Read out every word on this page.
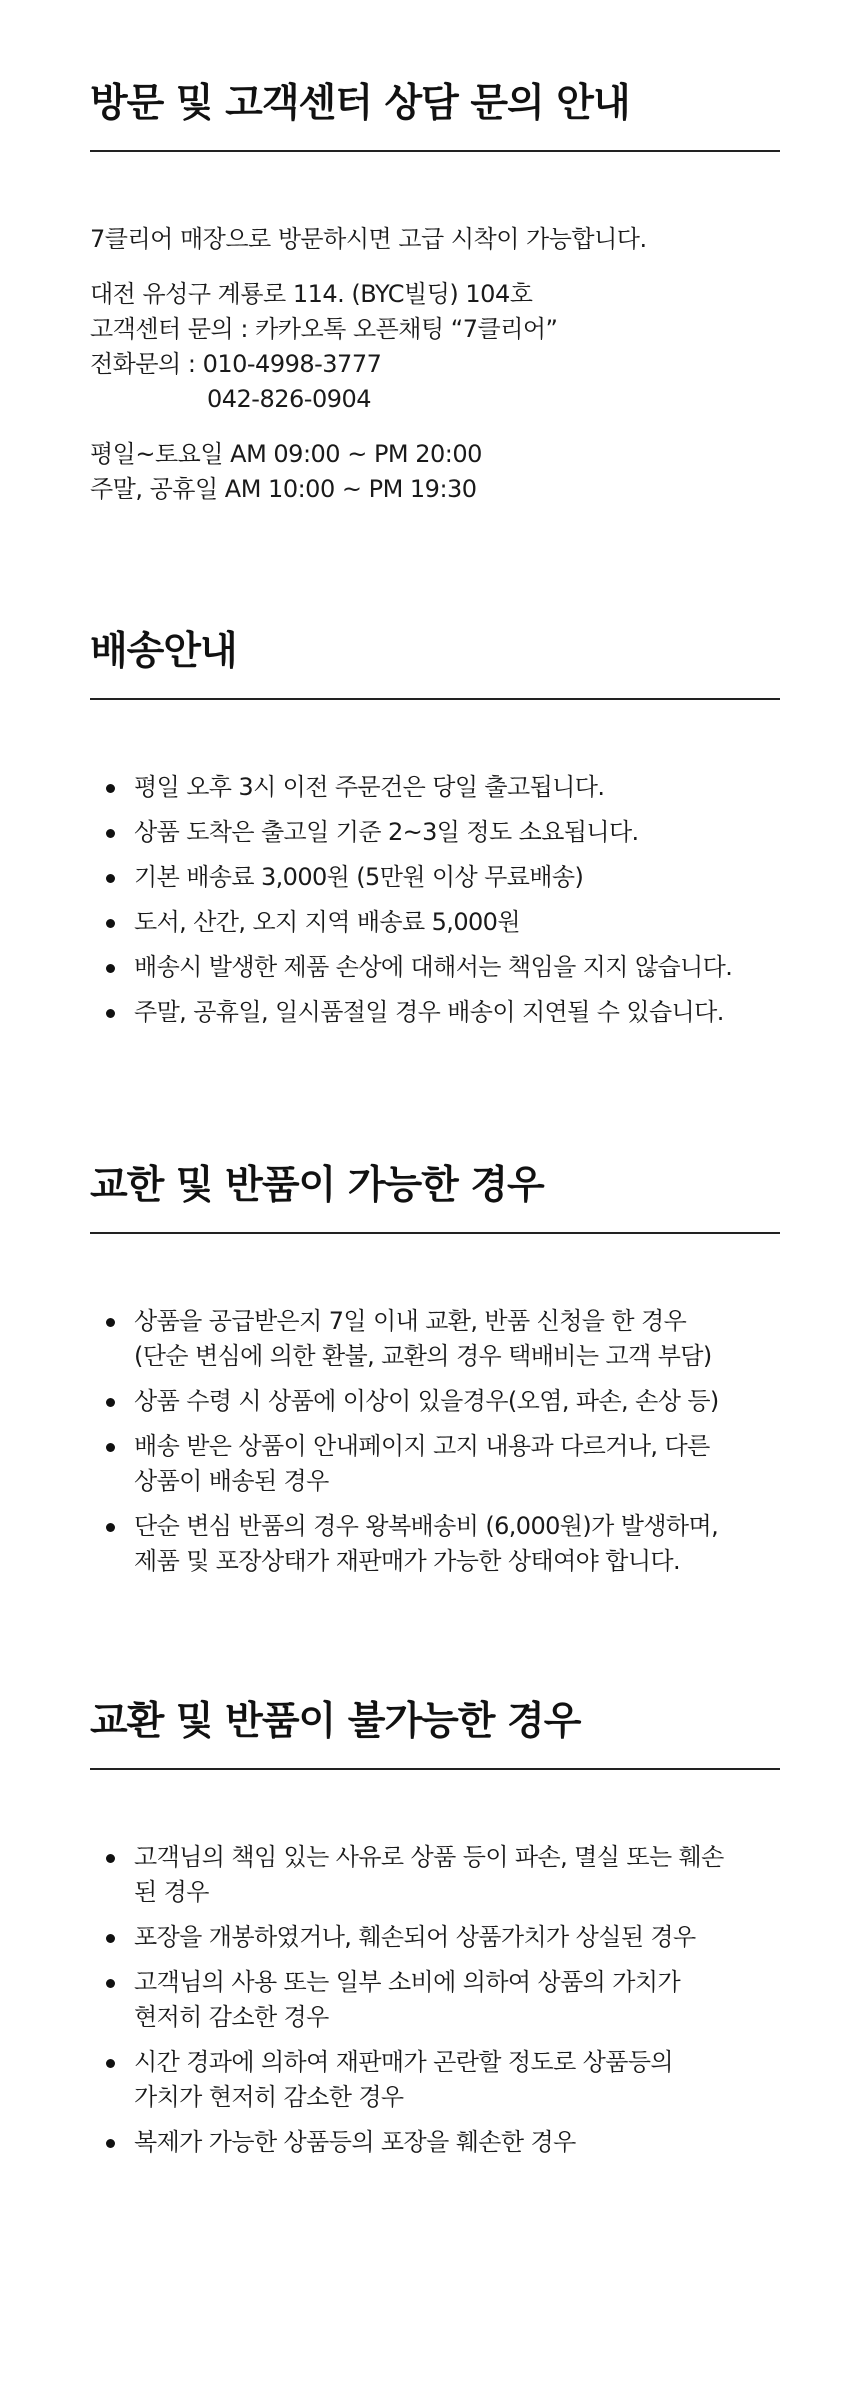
방문 및 고객센터 상담 문의 안내

7클리어 매장으로 방문하시면 고급 시착이 가능합니다.

대전 유성구 계룡로 114. (BYC빌딩) 104호
고객센터 문의 : 카카오톡 오픈채팅 “7클리어”
전화문의 : 010-4998-3777
042-826-0904

평일~토요일 AM 09:00 ~ PM 20:00
주말, 공휴일 AM 10:00 ~ PM 19:30

배송안내
평일 오후 3시 이전 주문건은 당일 출고됩니다.
상품 도착은 출고일 기준 2~3일 정도 소요됩니다.
기본 배송료 3,000원 (5만원 이상 무료배송)
도서, 산간, 오지 지역 배송료 5,000원
배송시 발생한 제품 손상에 대해서는 책임을 지지 않습니다.
주말, 공휴일, 일시품절일 경우 배송이 지연될 수 있습니다.
교한 및 반품이 가능한 경우
상품을 공급받은지 7일 이내 교환, 반품 신청을 한 경우
(단순 변심에 의한 환불, 교환의 경우 택배비는 고객 부담)
상품 수령 시 상품에 이상이 있을경우(오염, 파손, 손상 등)
배송 받은 상품이 안내페이지 고지 내용과 다르거나, 다른
상품이 배송된 경우
단순 변심 반품의 경우 왕복배송비 (6,000원)가 발생하며,
제품 및 포장상태가 재판매가 가능한 상태여야 합니다.
교환 및 반품이 불가능한 경우
고객님의 책임 있는 사유로 상품 등이 파손, 멸실 또는 훼손
된 경우
포장을 개봉하였거나, 훼손되어 상품가치가 상실된 경우
고객님의 사용 또는 일부 소비에 의하여 상품의 가치가
현저히 감소한 경우
시간 경과에 의하여 재판매가 곤란할 정도로 상품등의
가치가 현저히 감소한 경우
복제가 가능한 상품등의 포장을 훼손한 경우
